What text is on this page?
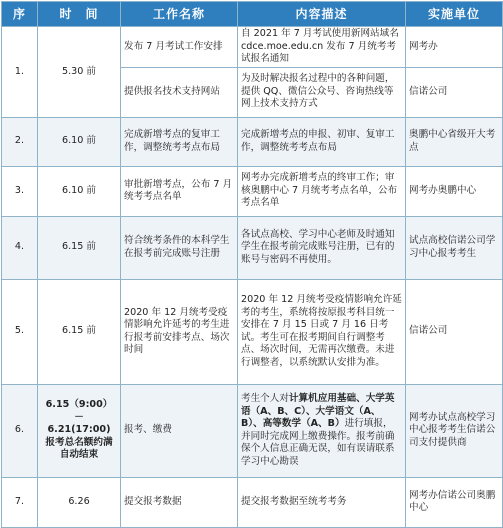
序	时　间	工作名称	内容描述	实施单位
1.	5.30 前	发布 7 月考试工作安排	自 2021 年 7 月考试使用新网站域名 cdce.moe.edu.cn 发布 7 月统考考试报名通知	网考办
		提供报名技术支持网站	为及时解决报名过程中的各种问题，提供 QQ、微信公众号、咨询热线等网上技术支持方式	信诺公司
2.	6.10 前	完成新增考点的复审工作，调整统考考点布局	完成新增考点的申报、初审、复审工作，调整统考考点布局	奥鹏中心省级开大考点
3.	6.10 前	审批新增考点，公布 7 月统考考点名单	网考办完成新增考点的终审工作；审核奥鹏中心 7 月统考考点名单，公布考点名单	网考办奥鹏中心
4.	6.15 前	符合统考条件的本科学生在报考前完成账号注册	各试点高校、学习中心老师及时通知学生在报考前完成账号注册，已有的账号与密码不再使用。	试点高校信诺公司学习中心报考考生
5.	6.15 前	2020 年 12 月统考受疫情影响允许延考的考生进行报考前安排考点、场次时间	2020 年 12 月统考受疫情影响允许延考的考生，系统将按原报考科目统一安排在 7 月 15 日或 7 月 16 日考试。考生可在报考期间自行调整考点、场次时间，无需再次缴费。未进行调整者，以系统默认安排为准。	信诺公司
6.	6.15（9:00）－
6.21(17:00)
报考总名额约满自动结束	报考、缴费	考生个人对计算机应用基础、大学英语（A、B、C）、大学语文（A、B）、高等数学（A、B）进行填报，并同时完成网上缴费操作。报考前确保个人信息正确无误，如有误请联系学习中心勘误	网考办试点高校学习中心报考考生信诺公司支付提供商
7.	6.26	提交报考数据	提交报考数据至统考考务	网考办信诺公司奥鹏中心
